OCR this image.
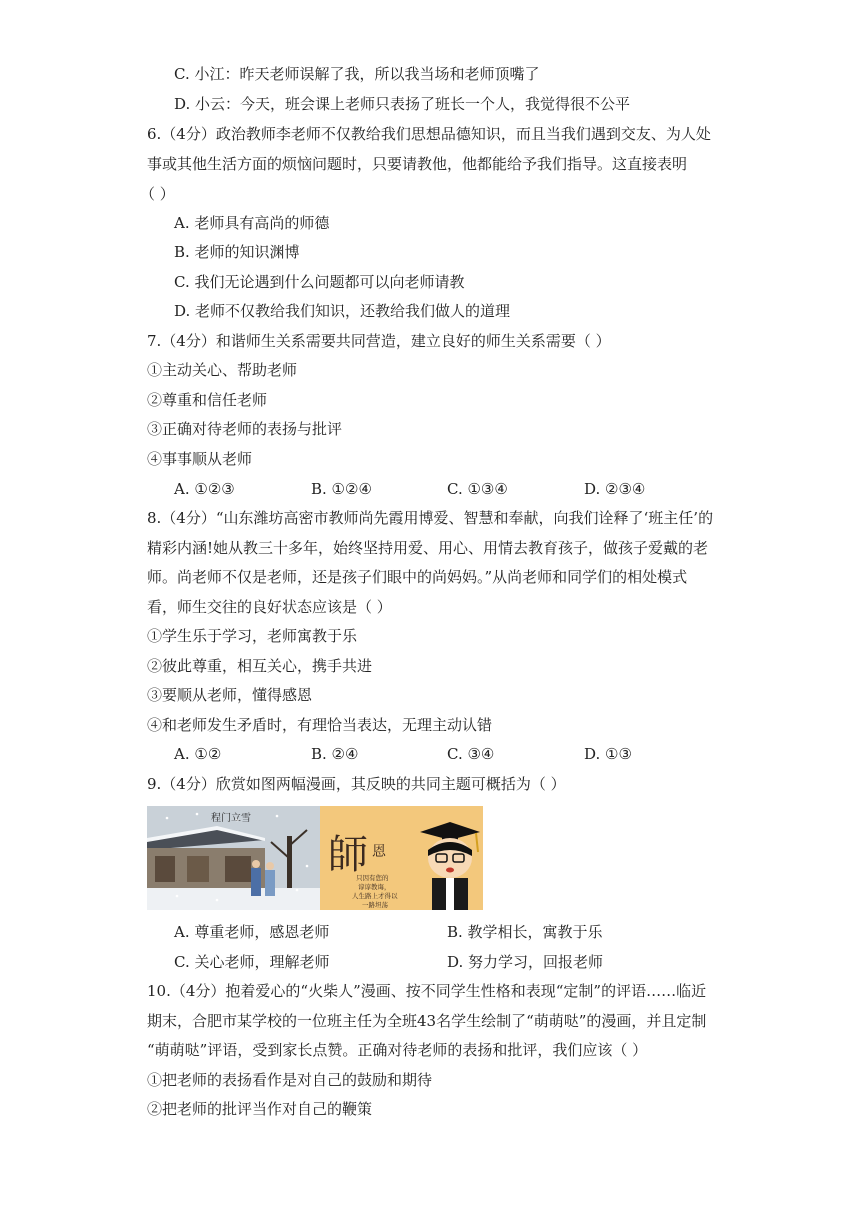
C. 小江：昨天老师误解了我，所以我当场和老师顶嘴了
D. 小云：今天，班会课上老师只表扬了班长一个人，我觉得很不公平
6.（4分）政治教师李老师不仅教给我们思想品德知识，而且当我们遇到交友、为人处
事或其他生活方面的烦恼问题时，只要请教他，他都能给予我们指导。这直接表明
（ ）
A. 老师具有高尚的师德
B. 老师的知识渊博
C. 我们无论遇到什么问题都可以向老师请教
D. 老师不仅教给我们知识，还教给我们做人的道理
7.（4分）和谐师生关系需要共同营造，建立良好的师生关系需要（ ）
①主动关心、帮助老师
②尊重和信任老师
③正确对待老师的表扬与批评
④事事顺从老师
A. ①②③	B. ①②④	C. ①③④	D. ②③④
8.（4分）“山东潍坊高密市教师尚先霞用博爱、智慧和奉献，向我们诠释了‘班主任’的
精彩内涵!她从教三十多年，始终坚持用爱、用心、用情去教育孩子，做孩子爱戴的老
师。尚老师不仅是老师，还是孩子们眼中的尚妈妈。”从尚老师和同学们的相处模式
看，师生交往的良好状态应该是（ ）
①学生乐于学习，老师寓教于乐
②彼此尊重，相互关心，携手共进
③要顺从老师，懂得感恩
④和老师发生矛盾时，有理恰当表达，无理主动认错
A. ①②	B. ②④	C. ③④	D. ①③
9.（4分）欣赏如图两幅漫画，其反映的共同主题可概括为（ ）
程门立雪
師 恩
只因有您的
谆谆教诲，
人生路上才得以
一路坦荡
A. 尊重老师，感恩老师	B. 教学相长，寓教于乐
C. 关心老师，理解老师	D. 努力学习，回报老师
10.（4分）抱着爱心的“火柴人”漫画、按不同学生性格和表现“定制”的评语……临近
期末，合肥市某学校的一位班主任为全班43名学生绘制了“萌萌哒”的漫画，并且定制
“萌萌哒”评语，受到家长点赞。正确对待老师的表扬和批评，我们应该（ ）
①把老师的表扬看作是对自己的鼓励和期待
②把老师的批评当作对自己的鞭策
